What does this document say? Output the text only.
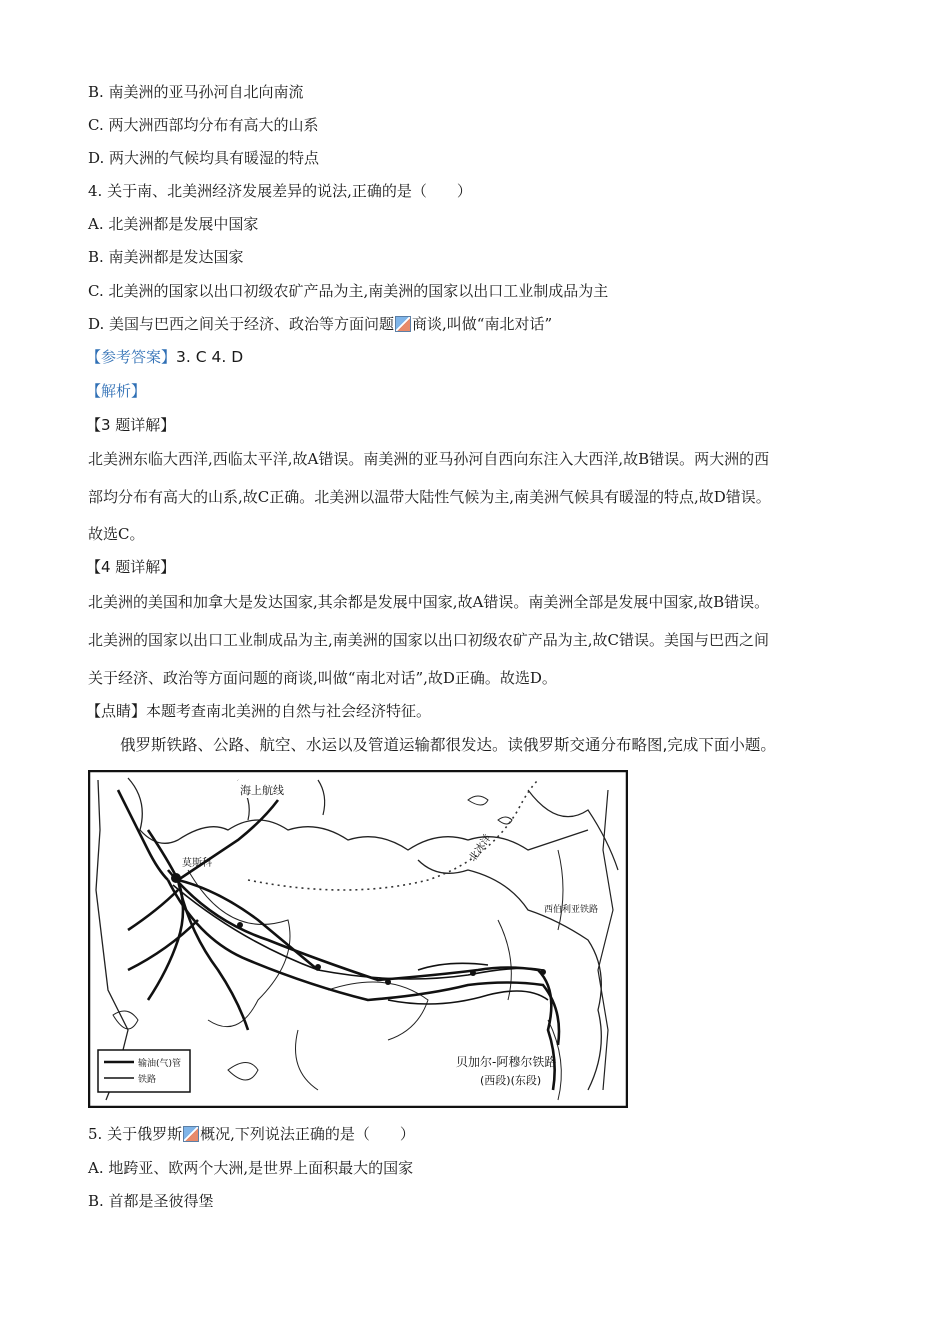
B. 南美洲的亚马孙河自北向南流
C. 两大洲西部均分布有高大的山系
D. 两大洲的气候均具有暖湿的特点
4. 关于南、北美洲经济发展差异的说法,正确的是（　　）
A. 北美洲都是发展中国家
B. 南美洲都是发达国家
C. 北美洲的国家以出口初级农矿产品为主,南美洲的国家以出口工业制成品为主
D. 美国与巴西之间关于经济、政治等方面问题 商谈,叫做“南北对话”
【参考答案】3. C 4. D
【解析】
【3 题详解】
北美洲东临大西洋,西临太平洋,故A错误。南美洲的亚马孙河自西向东注入大西洋,故B错误。两大洲的西
部均分布有高大的山系,故C正确。北美洲以温带大陆性气候为主,南美洲气候具有暖湿的特点,故D错误。
故选C。
【4 题详解】
北美洲的美国和加拿大是发达国家,其余都是发展中国家,故A错误。南美洲全部是发展中国家,故B错误。
北美洲的国家以出口工业制成品为主,南美洲的国家以出口初级农矿产品为主,故C错误。美国与巴西之间
关于经济、政治等方面问题的商谈,叫做“南北对话”,故D正确。故选D。
【点睛】本题考查南北美洲的自然与社会经济特征。
俄罗斯铁路、公路、航空、水运以及管道运输都很发达。读俄罗斯交通分布略图,完成下面小题。
海上航线
莫斯科	北冰洋
西伯利亚铁路
贝加尔-阿穆尔铁路
(西段)(东段)
输油(气)管
铁路
5. 关于俄罗斯 概况,下列说法正确的是（　　）
A. 地跨亚、欧两个大洲,是世界上面积最大的国家
B. 首都是圣彼得堡
